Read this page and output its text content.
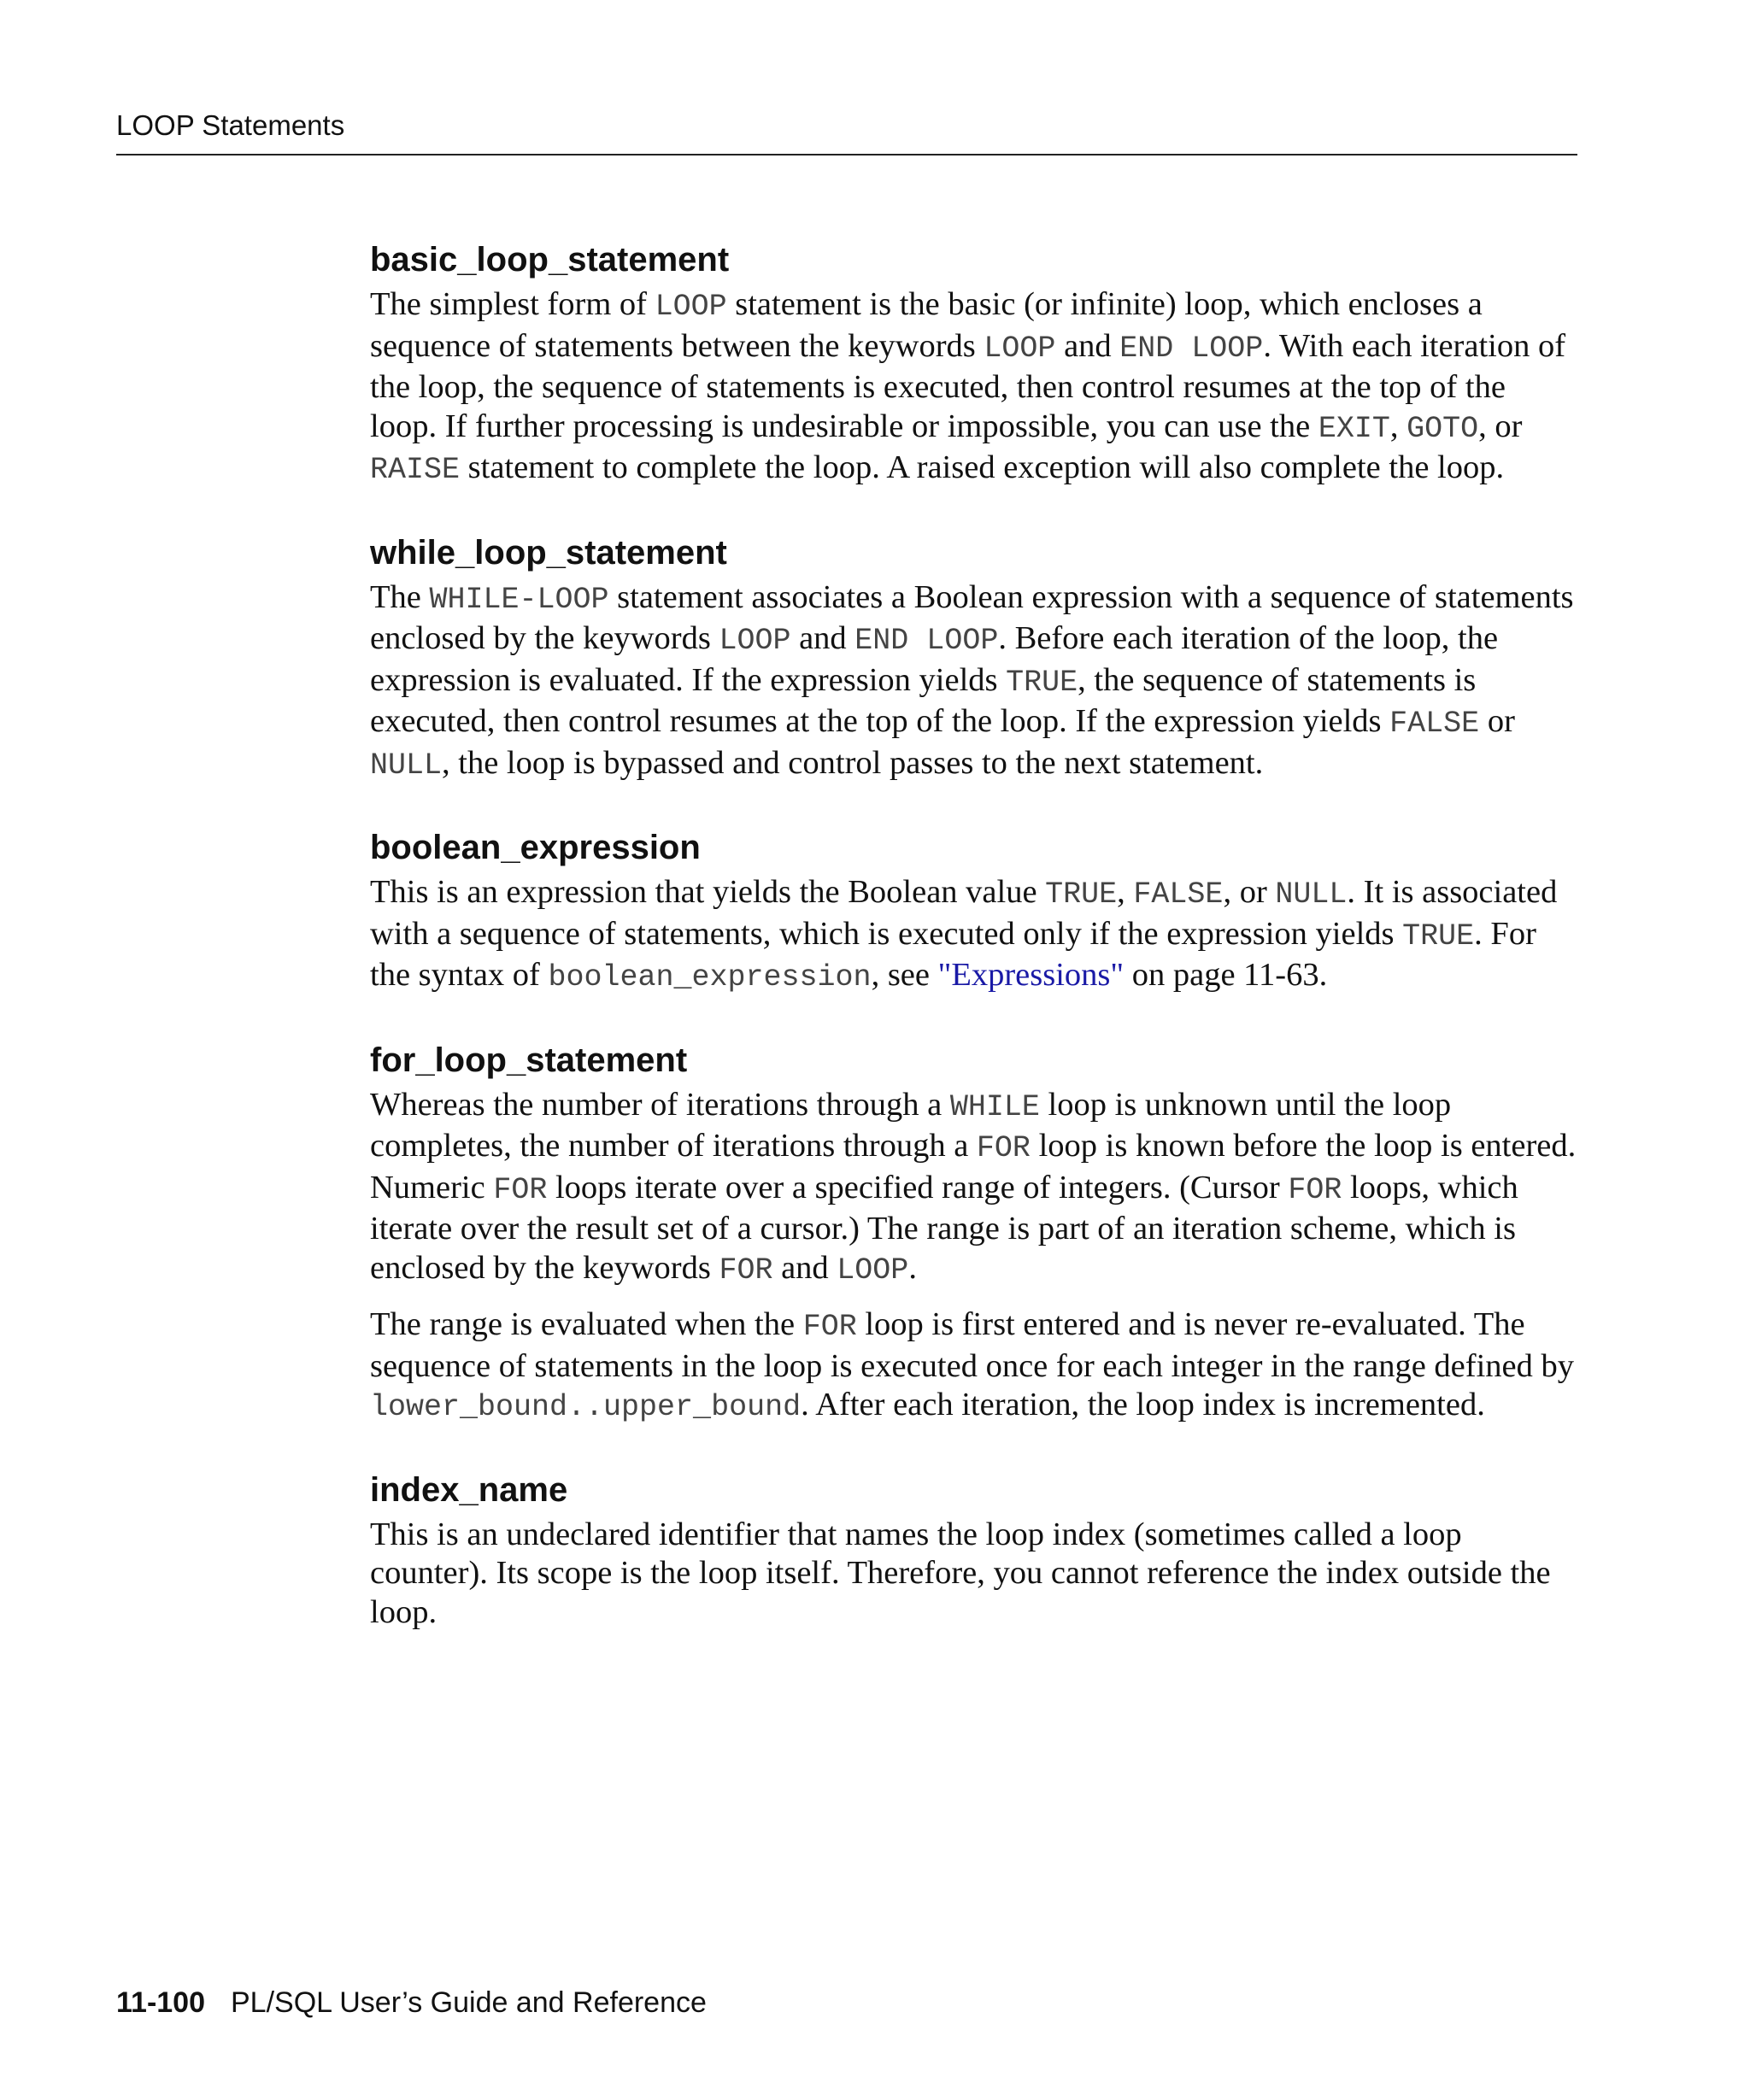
LOOP Statements
basic_loop_statement

The simplest form of LOOP statement is the basic (or infinite) loop, which encloses a sequence of statements between the keywords LOOP and END LOOP. With each iteration of the loop, the sequence of statements is executed, then control resumes at the top of the loop. If further processing is undesirable or impossible, you can use the EXIT, GOTO, or RAISE statement to complete the loop. A raised exception will also complete the loop.

while_loop_statement

The WHILE-LOOP statement associates a Boolean expression with a sequence of statements enclosed by the keywords LOOP and END LOOP. Before each iteration of the loop, the expression is evaluated. If the expression yields TRUE, the sequence of statements is executed, then control resumes at the top of the loop. If the expression yields FALSE or NULL, the loop is bypassed and control passes to the next statement.

boolean_expression

This is an expression that yields the Boolean value TRUE, FALSE, or NULL. It is associated with a sequence of statements, which is executed only if the expression yields TRUE. For the syntax of boolean_expression, see "Expressions" on page 11-63.

for_loop_statement

Whereas the number of iterations through a WHILE loop is unknown until the loop completes, the number of iterations through a FOR loop is known before the loop is entered. Numeric FOR loops iterate over a specified range of integers. (Cursor FOR loops, which iterate over the result set of a cursor.) The range is part of an iteration scheme, which is enclosed by the keywords FOR and LOOP.

The range is evaluated when the FOR loop is first entered and is never re-evaluated. The sequence of statements in the loop is executed once for each integer in the range defined by lower_bound..upper_bound. After each iteration, the loop index is incremented.

index_name

This is an undeclared identifier that names the loop index (sometimes called a loop counter). Its scope is the loop itself. Therefore, you cannot reference the index outside the loop.

11-100 PL/SQL User’s Guide and Reference
